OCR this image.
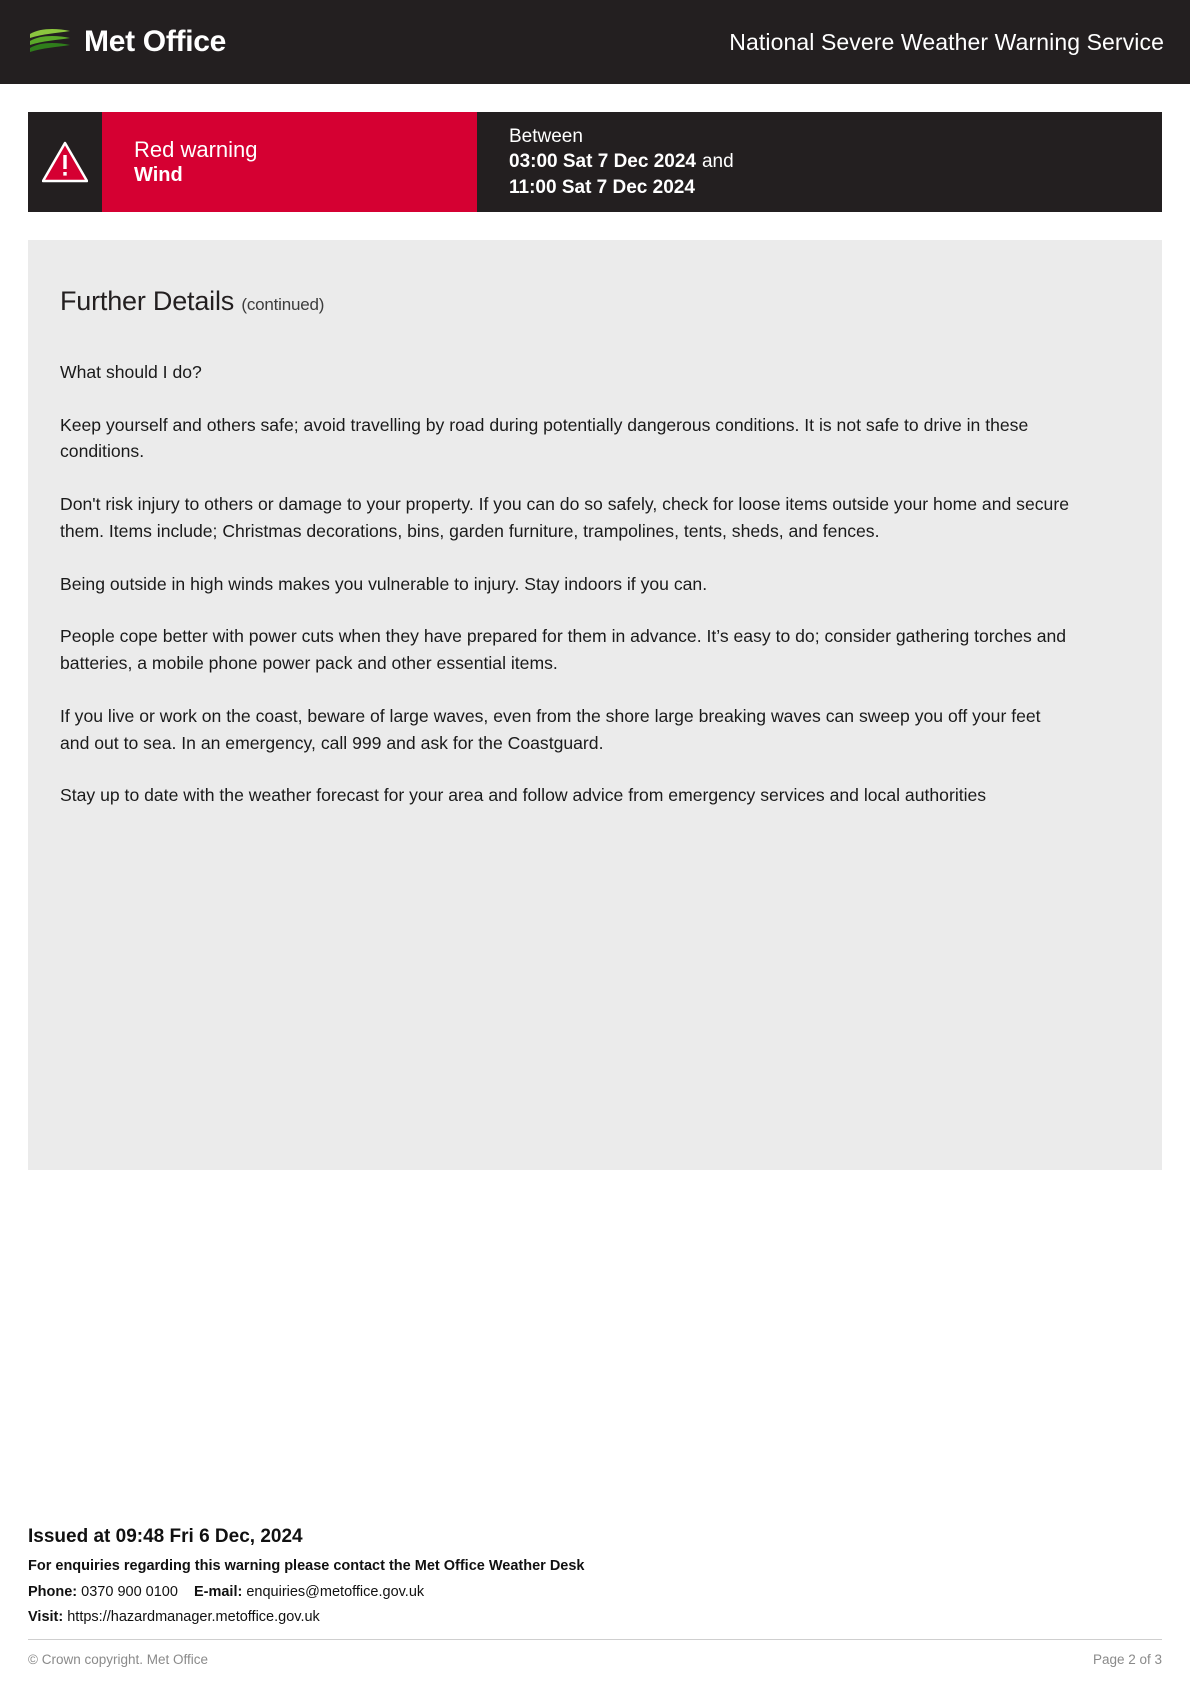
Met Office	National Severe Weather Warning Service
Red warning
Wind
Between
03:00 Sat 7 Dec 2024 and
11:00 Sat 7 Dec 2024
Further Details (continued)

What should I do?

Keep yourself and others safe; avoid travelling by road during potentially dangerous conditions. It is not safe to drive in these conditions.

Don't risk injury to others or damage to your property. If you can do so safely, check for loose items outside your home and secure them. Items include; Christmas decorations, bins, garden furniture, trampolines, tents, sheds, and fences.

Being outside in high winds makes you vulnerable to injury. Stay indoors if you can.

People cope better with power cuts when they have prepared for them in advance. It’s easy to do; consider gathering torches and batteries, a mobile phone power pack and other essential items.

If you live or work on the coast, beware of large waves, even from the shore large breaking waves can sweep you off your feet and out to sea. In an emergency, call 999 and ask for the Coastguard.

Stay up to date with the weather forecast for your area and follow advice from emergency services and local authorities

Issued at 09:48 Fri 6 Dec, 2024
For enquiries regarding this warning please contact the Met Office Weather Desk
Phone: 0370 900 0100 E-mail: enquiries@metoffice.gov.uk
Visit: https://hazardmanager.metoffice.gov.uk
© Crown copyright. Met Office	Page 2 of 3
